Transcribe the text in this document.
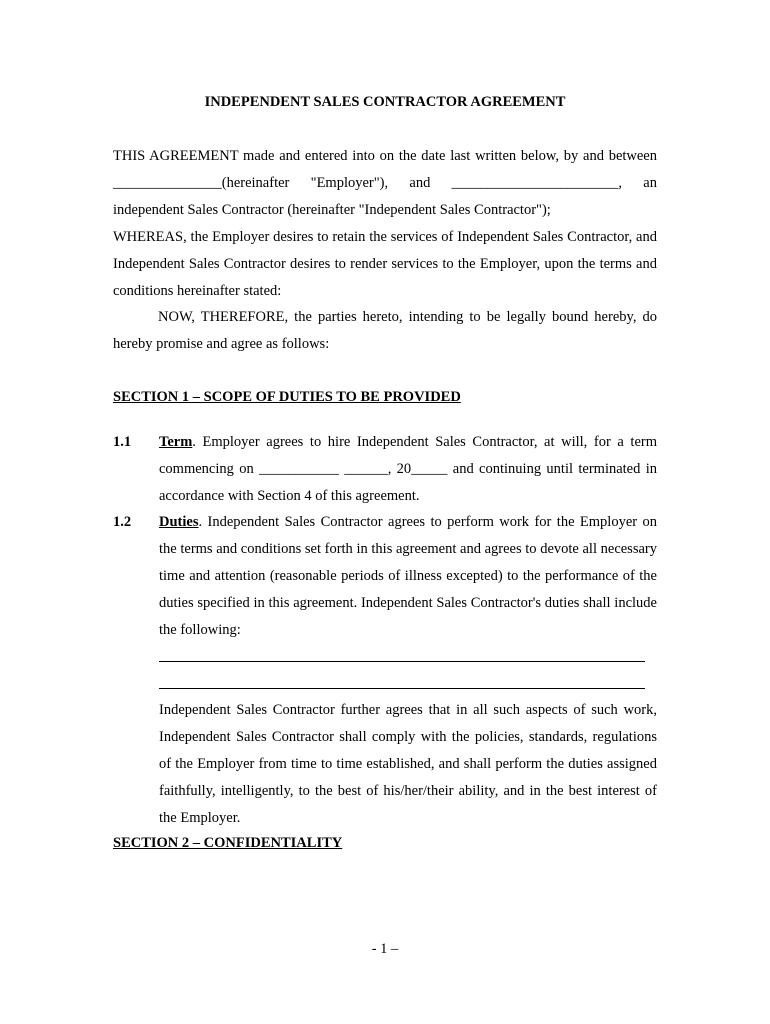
INDEPENDENT SALES CONTRACTOR AGREEMENT
THIS AGREEMENT made and entered into on the date last written below, by and between _______________(hereinafter "Employer"), and _______________________, an independent Sales Contractor (hereinafter "Independent Sales Contractor");
WHEREAS, the Employer desires to retain the services of Independent Sales Contractor, and Independent Sales Contractor desires to render services to the Employer, upon the terms and conditions hereinafter stated:
NOW, THEREFORE, the parties hereto, intending to be legally bound hereby, do hereby promise and agree as follows:
SECTION 1 – SCOPE OF DUTIES TO BE PROVIDED
1.1 Term. Employer agrees to hire Independent Sales Contractor, at will, for a term commencing on ___________ ______, 20_____ and continuing until terminated in accordance with Section 4 of this agreement.
1.2 Duties. Independent Sales Contractor agrees to perform work for the Employer on the terms and conditions set forth in this agreement and agrees to devote all necessary time and attention (reasonable periods of illness excepted) to the performance of the duties specified in this agreement. Independent Sales Contractor's duties shall include the following:
Independent Sales Contractor further agrees that in all such aspects of such work, Independent Sales Contractor shall comply with the policies, standards, regulations of the Employer from time to time established, and shall perform the duties assigned faithfully, intelligently, to the best of his/her/their ability, and in the best interest of the Employer.
SECTION 2 – CONFIDENTIALITY
- 1 –
